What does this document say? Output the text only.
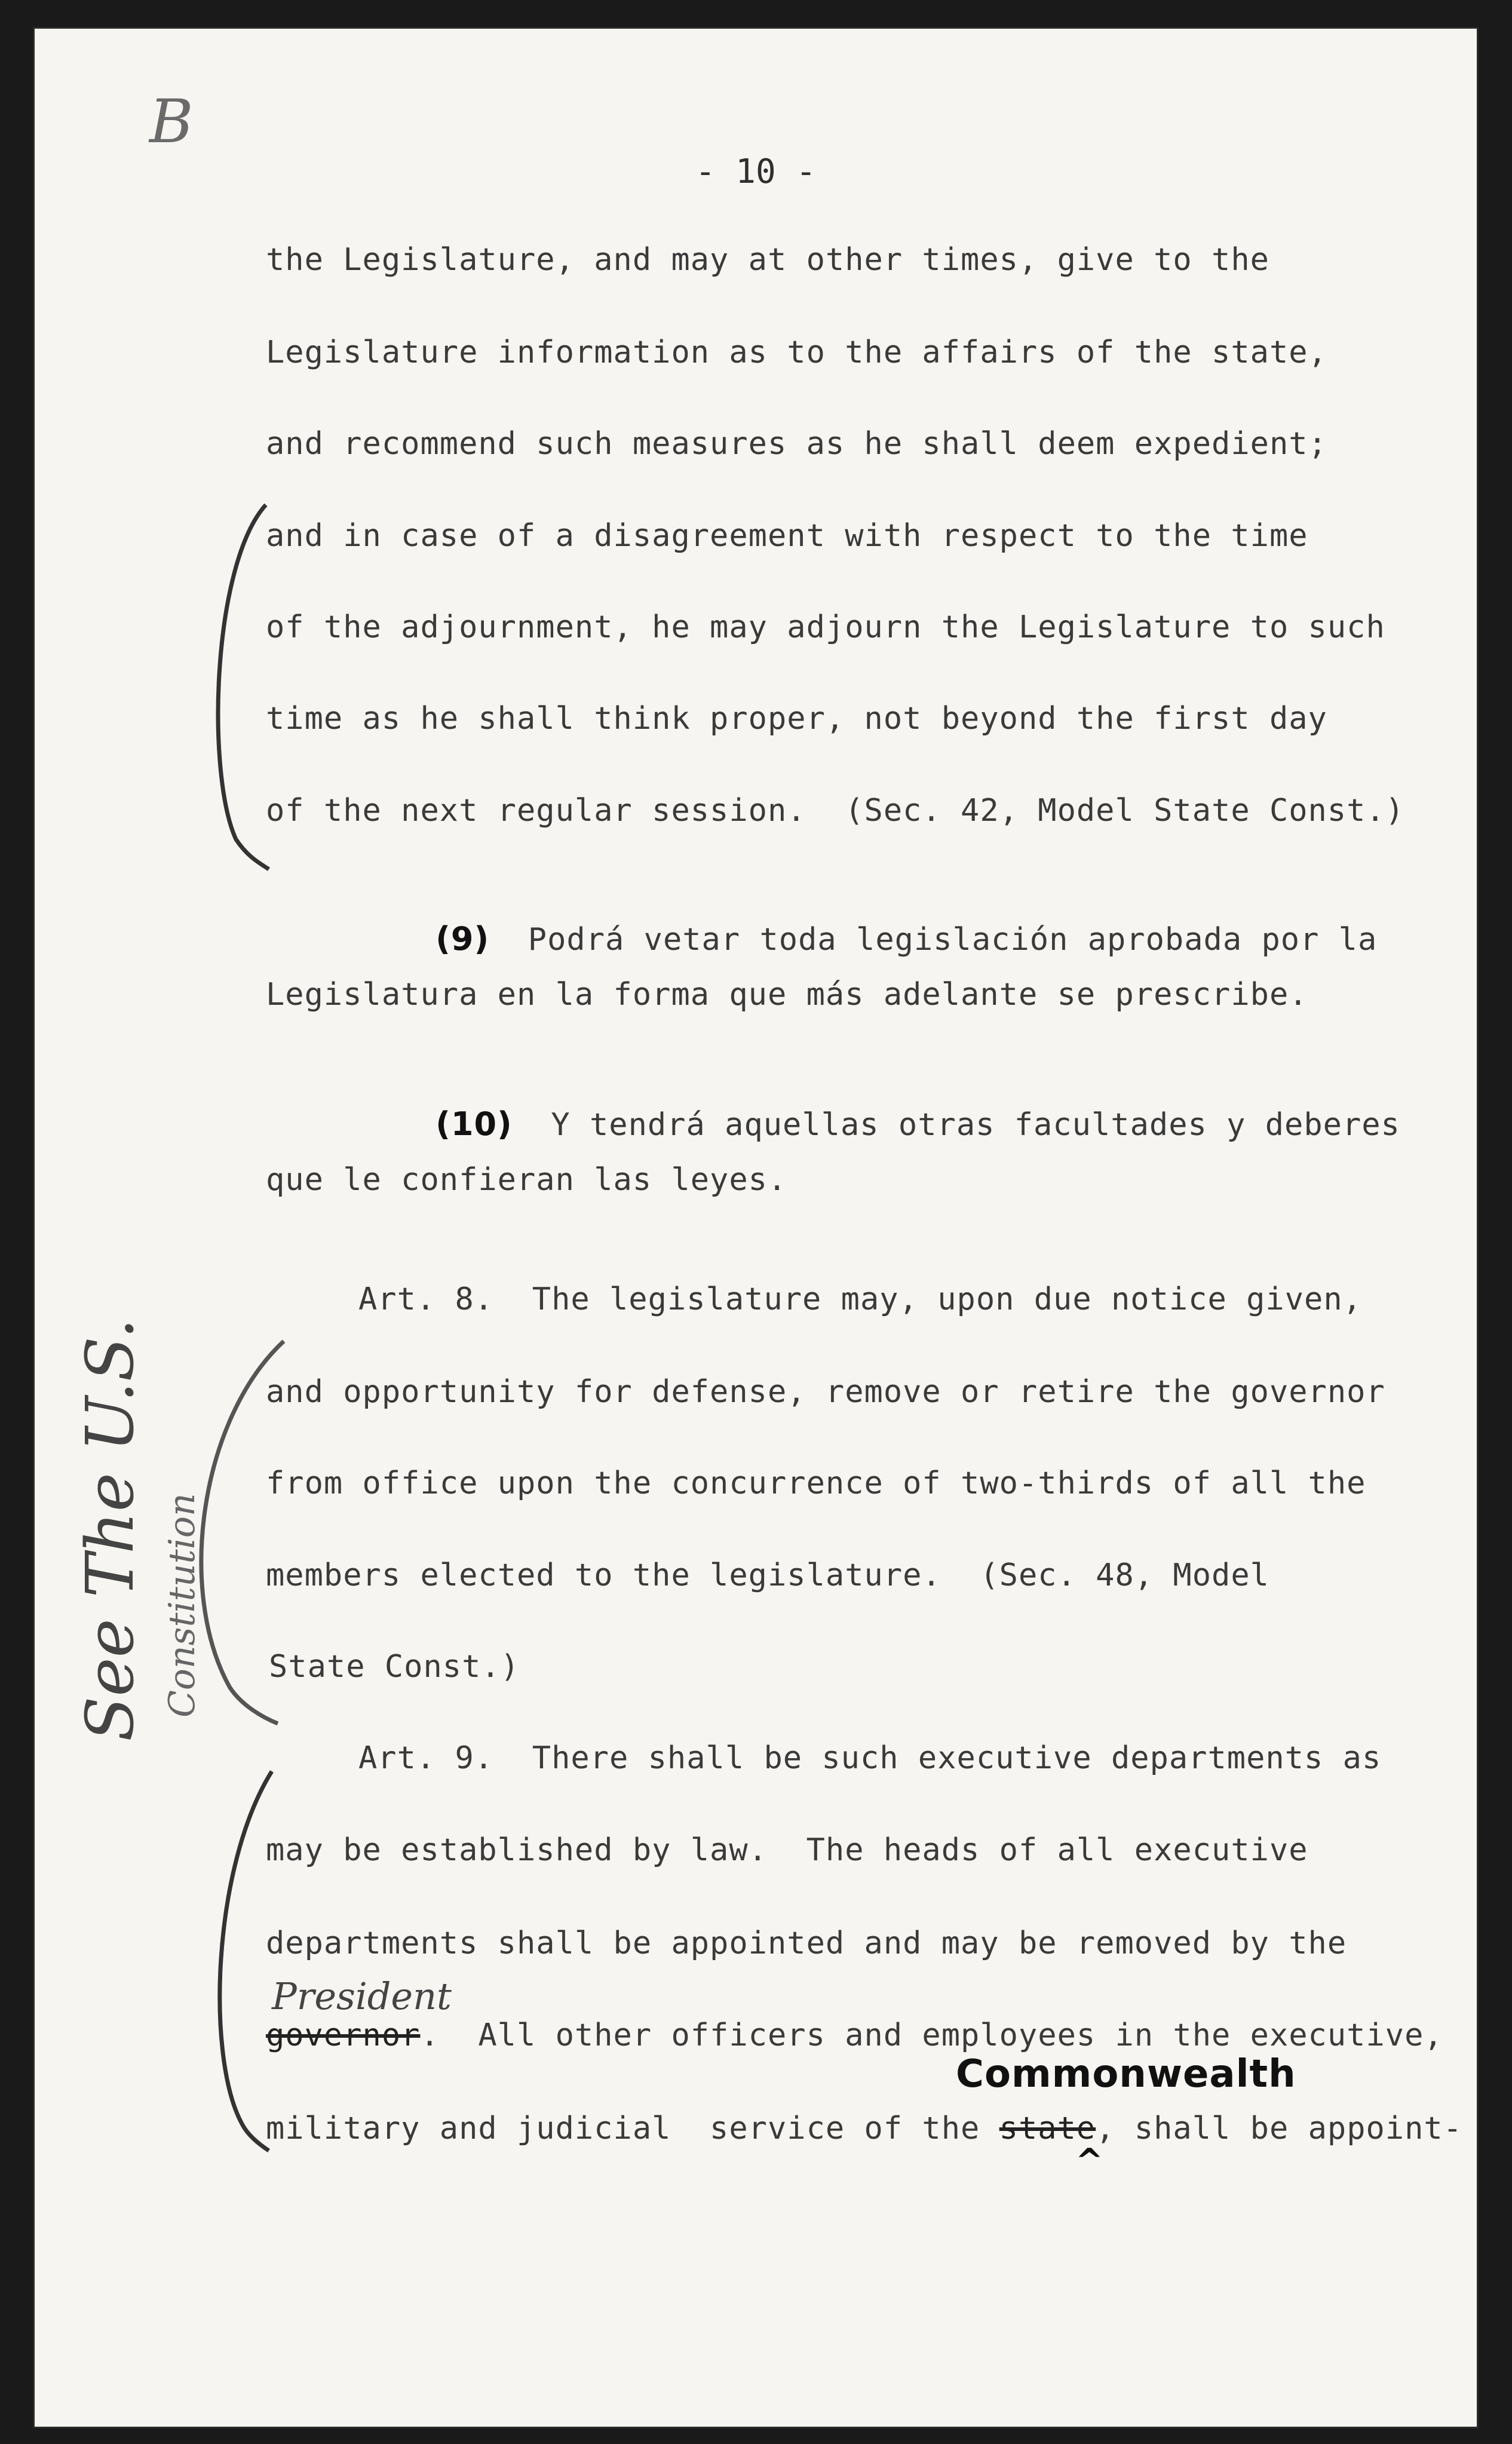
B
- 10 -
the Legislature, and may at other times, give to the
Legislature information as to the affairs of the state,
and recommend such measures as he shall deem expedient;
and in case of a disagreement with respect to the time
of the adjournment, he may adjourn the Legislature to such
time as he shall think proper, not beyond the first day
of the next regular session.  (Sec. 42, Model State Const.)

(9) Podrá vetar toda legislación aprobada por la

Legislatura en la forma que más adelante se prescribe.

(10) Y tendrá aquellas otras facultades y deberes

que le confieran las leyes.
Art. 8.  The legislature may, upon due notice given,
and opportunity for defense, remove or retire the governor
from office upon the concurrence of two-thirds of all the
members elected to the legislature.  (Sec. 48, Model
State Const.)
Art. 9.  There shall be such executive departments as
may be established by law.  The heads of all executive
departments shall be appointed and may be removed by the
President
governor.  All other officers and employees in the executive,
Commonwealth
military and judicial  service of the state, shall be appoint-
^
See The U.S. Constitution
